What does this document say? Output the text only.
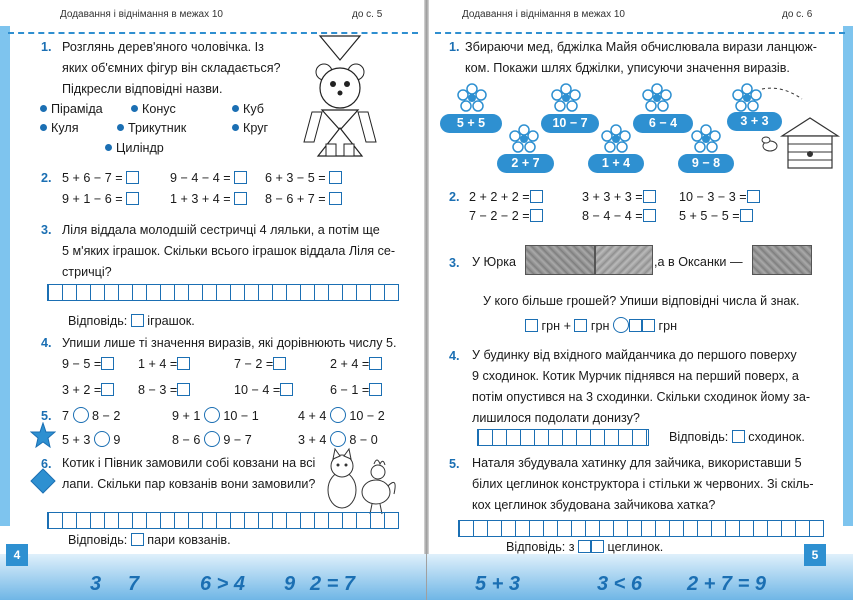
Додавання і віднімання в межах 10	до с. 5
1. Розглянь дерев'яного чоловічка. Із
яких об'ємних фігур він складається?
Підкресли відповідні назви.
Піраміда	Конус	Куб
Куля	Трикутник	Круг
Циліндр
2. 5 + 6 − 7 =	9 − 4 − 4 =	6 + 3 − 5 =
9 + 1 − 6 =	1 + 3 + 4 =	8 − 6 + 7 =
3. Ліля віддала молодшій сестричці 4 ляльки, а потім ще
5 м'яких іграшок. Скільки всього іграшок віддала Ліля се-
стричці?
Відповідь: іграшок.
4. Упиши лише ті значення виразів, які дорівнюють числу 5.
9 − 5 =	1 + 4 =	7 − 2 =	2 + 4 =
3 + 2 =	8 − 3 =	10 − 4 =	6 − 1 =
5. 7 8 − 2	9 + 1 10 − 1	4 + 4 10 − 2
5 + 3 9	8 − 6 9 − 7	3 + 4 8 − 0
6. Котик і Півник замовили собі ковзани на всі
лапи. Скільки пар ковзанів вони замовили?
Відповідь: пари ковзанів.
4
3 7	6 > 4 9 2 = 7
Додавання і віднімання в межах 10	до с. 6
1. Збираючи мед, бджілка Майя обчислювала вирази ланцюж-
ком. Покажи шлях бджілки, уписуючи значення виразів.
5 + 5	10 − 7	6 − 4	3 + 3
2 + 7	1 + 4	9 − 8
2. 2 + 2 + 2 =	3 + 3 + 3 =	10 − 3 − 3 =
7 − 2 − 2 =	8 − 4 − 4 =	5 + 5 − 5 =
3. У Юрка	,а в Оксанки —
У кого більше грошей? Упиши відповідні числа й знак.
грн + грн	грн
4. У будинку від вхідного майданчика до першого поверху
9 сходинок. Котик Мурчик піднявся на перший поверх, а
потім опустився на 3 сходинки. Скільки сходинок йому за-
лишилося подолати донизу?
Відповідь: сходинок.
5. Наталя збудувала хатинку для зайчика, використавши 5
білих цеглинок конструктора і стільки ж червоних. Зі скіль-
кох цеглинок збудована зайчикова хатка?
Відповідь: з	цеглинок.
5
5 + 3	3 < 6 2 + 7 = 9
